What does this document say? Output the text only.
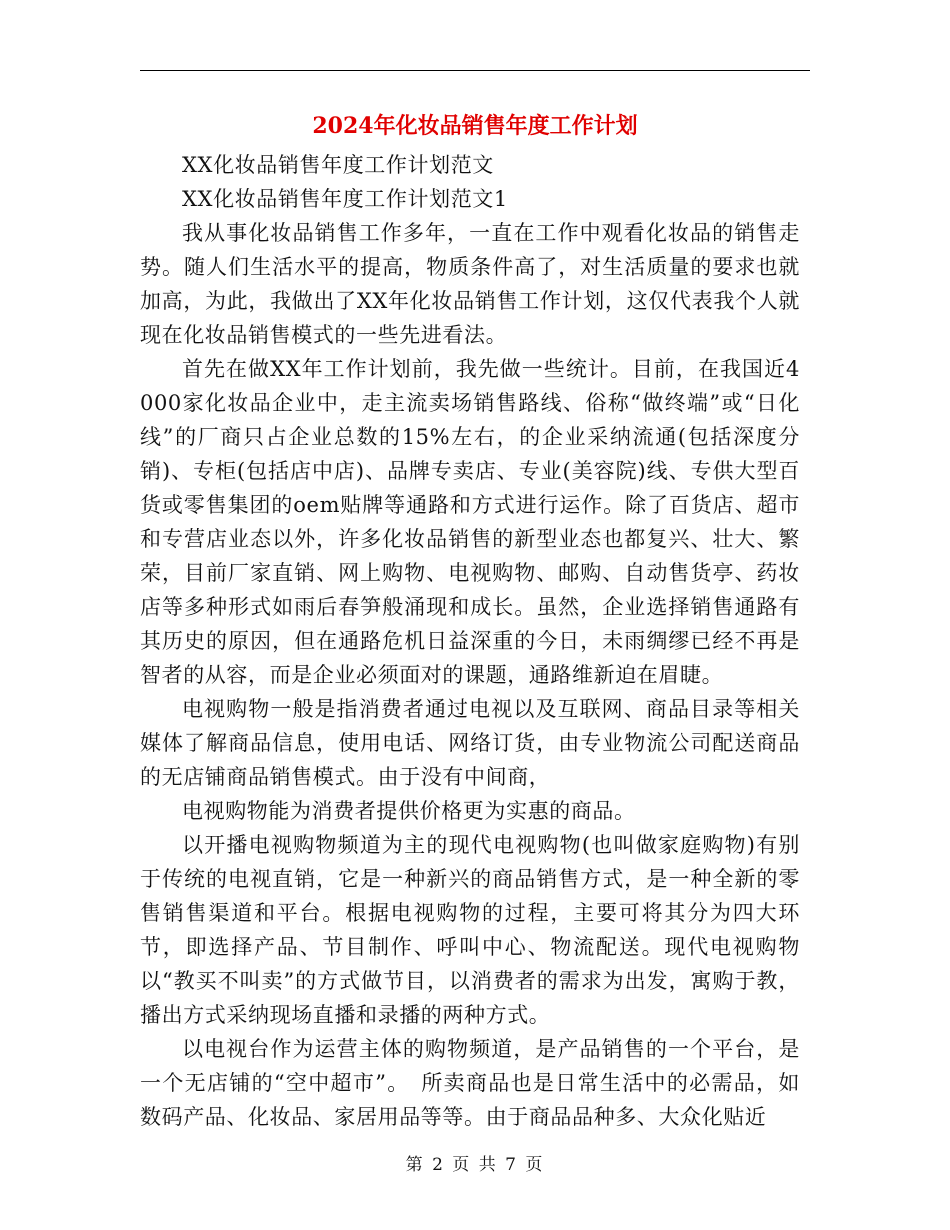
2024年化妆品销售年度工作计划

XX化妆品销售年度工作计划范文

XX化妆品销售年度工作计划范文1

我从事化妆品销售工作多年，一直在工作中观看化妆品的销售走势。随人们生活水平的提高，物质条件高了，对生活质量的要求也就加高，为此，我做出了XX年化妆品销售工作计划，这仅代表我个人就现在化妆品销售模式的一些先进看法。

首先在做XX年工作计划前，我先做一些统计。目前，在我国近4000家化妆品企业中，走主流卖场销售路线、俗称“做终端”或“日化线”的厂商只占企业总数的15%左右，的企业采纳流通(包括深度分销)、专柜(包括店中店)、品牌专卖店、专业(美容院)线、专供大型百货或零售集团的oem贴牌等通路和方式进行运作。除了百货店、超市和专营店业态以外，许多化妆品销售的新型业态也都复兴、壮大、繁荣，目前厂家直销、网上购物、电视购物、邮购、自动售货亭、药妆店等多种形式如雨后春笋般涌现和成长。虽然，企业选择销售通路有其历史的原因，但在通路危机日益深重的今日，未雨绸缪已经不再是智者的从容，而是企业必须面对的课题，通路维新迫在眉睫。

电视购物一般是指消费者通过电视以及互联网、商品目录等相关媒体了解商品信息，使用电话、网络订货，由专业物流公司配送商品的无店铺商品销售模式。由于没有中间商，

电视购物能为消费者提供价格更为实惠的商品。

以开播电视购物频道为主的现代电视购物(也叫做家庭购物)有别于传统的电视直销，它是一种新兴的商品销售方式，是一种全新的零售销售渠道和平台。根据电视购物的过程，主要可将其分为四大环节，即选择产品、节目制作、呼叫中心、物流配送。现代电视购物以“教买不叫卖”的方式做节目，以消费者的需求为出发，寓购于教，播出方式采纳现场直播和录播的两种方式。

以电视台作为运营主体的购物频道，是产品销售的一个平台，是一个无店铺的“空中超市”。　所卖商品也是日常生活中的必需品，如数码产品、化妆品、家居用品等等。由于商品品种多、大众化贴近

第 2 页 共 7 页
